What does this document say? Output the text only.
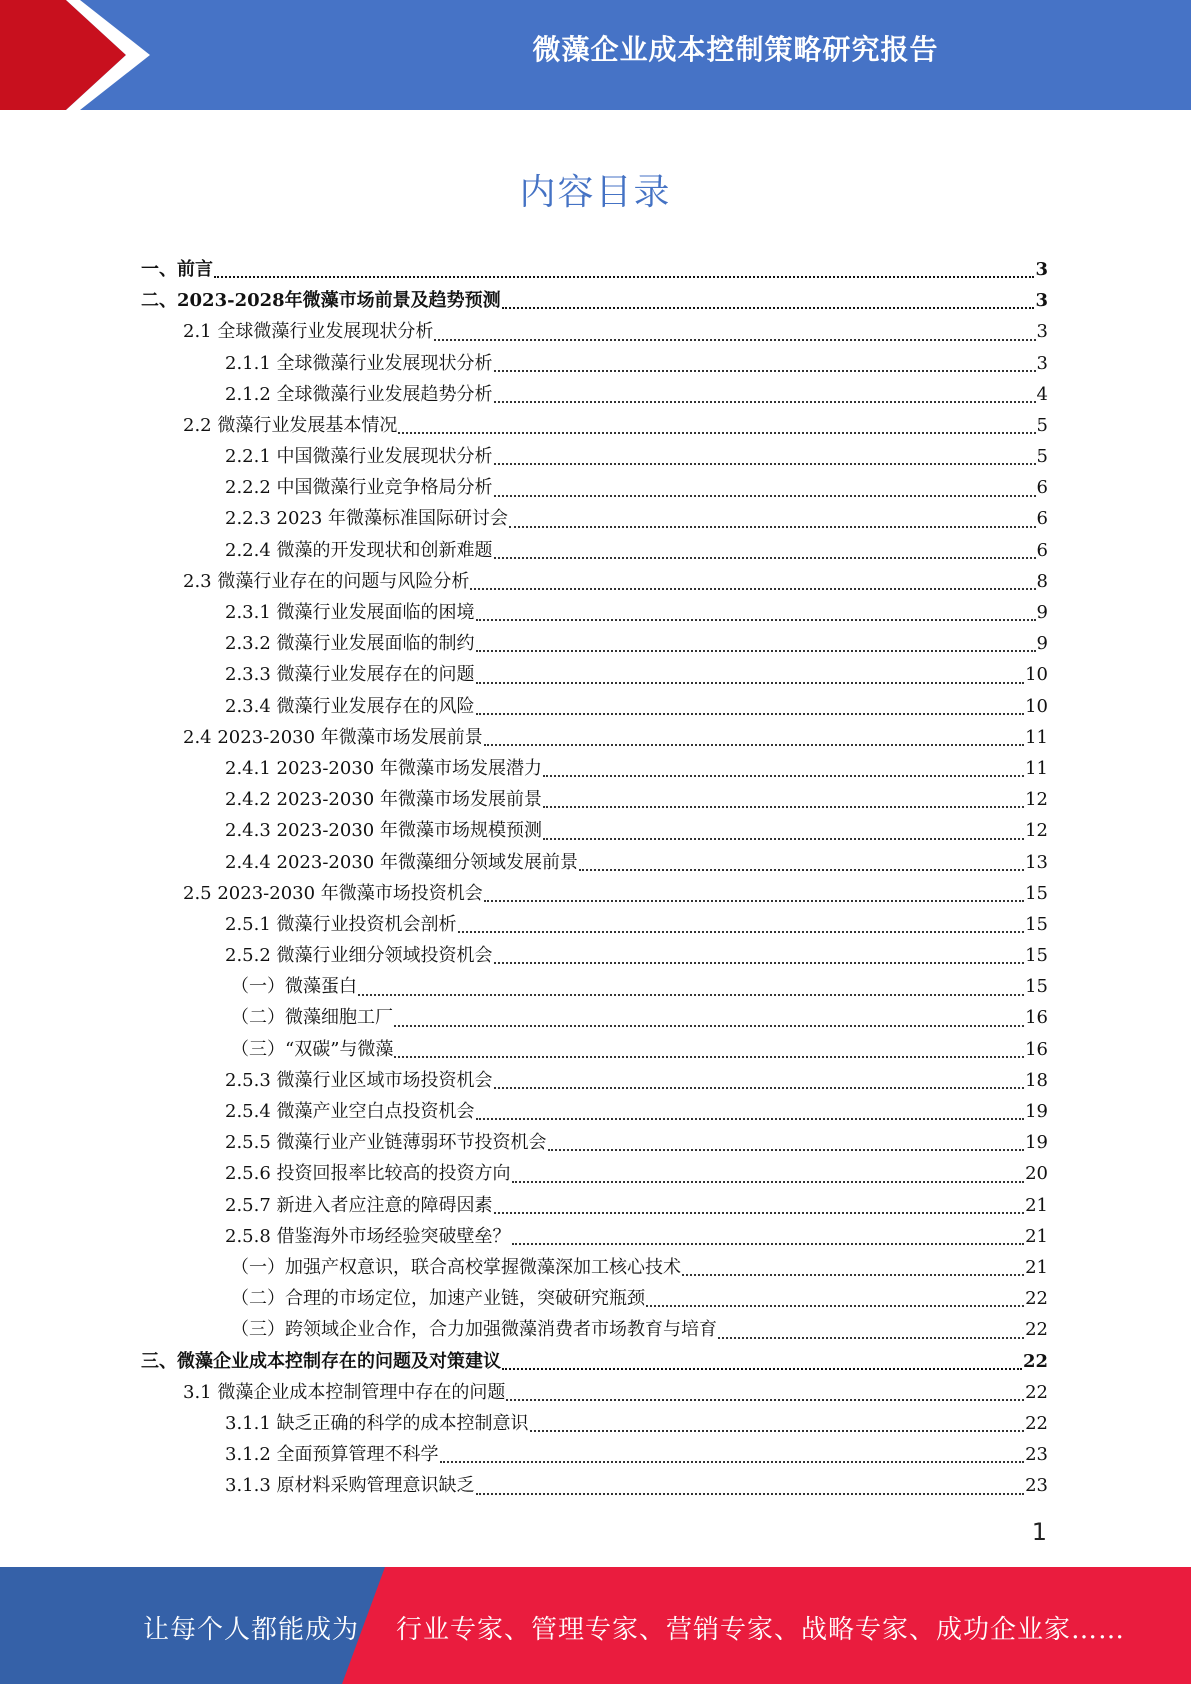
微藻企业成本控制策略研究报告
内容目录
一、前言	3
二、2023-2028年微藻市场前景及趋势预测	3
2.1 全球微藻行业发展现状分析	3
2.1.1 全球微藻行业发展现状分析	3
2.1.2 全球微藻行业发展趋势分析	4
2.2 微藻行业发展基本情况	5
2.2.1 中国微藻行业发展现状分析	5
2.2.2 中国微藻行业竞争格局分析	6
2.2.3 2023 年微藻标准国际研讨会	6
2.2.4 微藻的开发现状和创新难题	6
2.3 微藻行业存在的问题与风险分析	8
2.3.1 微藻行业发展面临的困境	9
2.3.2 微藻行业发展面临的制约	9
2.3.3 微藻行业发展存在的问题	10
2.3.4 微藻行业发展存在的风险	10
2.4 2023-2030 年微藻市场发展前景	11
2.4.1 2023-2030 年微藻市场发展潜力	11
2.4.2 2023-2030 年微藻市场发展前景	12
2.4.3 2023-2030 年微藻市场规模预测	12
2.4.4 2023-2030 年微藻细分领域发展前景	13
2.5 2023-2030 年微藻市场投资机会	15
2.5.1 微藻行业投资机会剖析	15
2.5.2 微藻行业细分领域投资机会	15
（一）微藻蛋白	15
（二）微藻细胞工厂	16
（三）“双碳”与微藻	16
2.5.3 微藻行业区域市场投资机会	18
2.5.4 微藻产业空白点投资机会	19
2.5.5 微藻行业产业链薄弱环节投资机会	19
2.5.6 投资回报率比较高的投资方向	20
2.5.7 新进入者应注意的障碍因素	21
2.5.8 借鉴海外市场经验突破壁垒？	21
（一）加强产权意识，联合高校掌握微藻深加工核心技术	21
（二）合理的市场定位，加速产业链，突破研究瓶颈	22
（三）跨领域企业合作，合力加强微藻消费者市场教育与培育	22
三、微藻企业成本控制存在的问题及对策建议	22
3.1 微藻企业成本控制管理中存在的问题	22
3.1.1 缺乏正确的科学的成本控制意识	22
3.1.2 全面预算管理不科学	23
3.1.3 原材料采购管理意识缺乏	23
1
让每个人都能成为 行业专家、管理专家、营销专家、战略专家、成功企业家……
